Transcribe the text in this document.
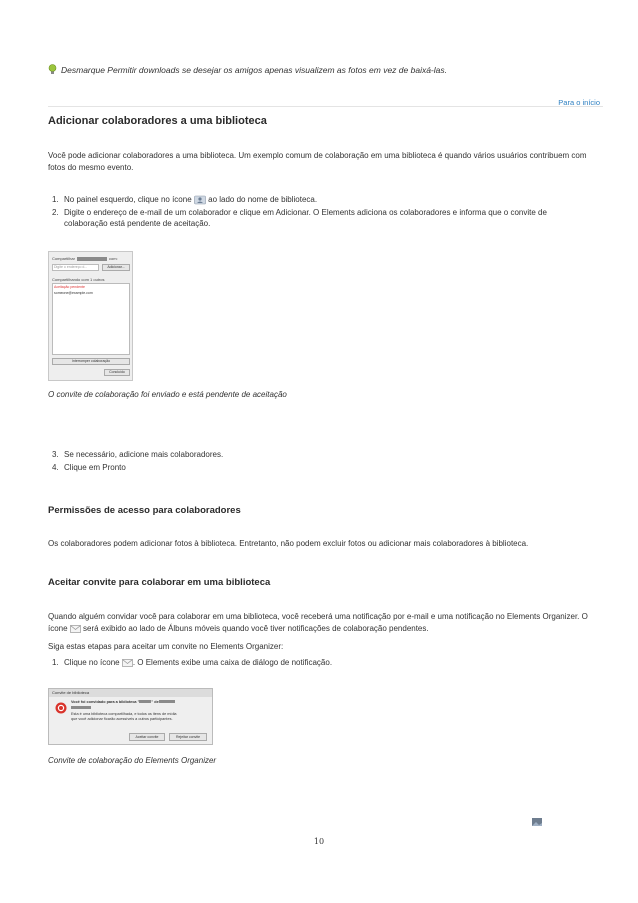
Desmarque Permitir downloads se desejar os amigos apenas visualizem as fotos em vez de baixá-las.
Para o início
Adicionar colaboradores a uma biblioteca

Você pode adicionar colaboradores a uma biblioteca. Um exemplo comum de colaboração em uma biblioteca é quando vários usuários contribuem com fotos do mesmo evento.

1. No painel esquerdo, clique no ícone ao lado do nome de biblioteca.
2. Digite o endereço de e-mail de um colaborador e clique em Adicionar. O Elements adiciona os colaboradores e informa que o convite de colaboração está pendente de aceitação.
Compartilhar	com:
Digite o endereço d...	Adicionar...
Compartilhando com 1 outros
Aceitação pendente
someone@example.com
Interromper colaboração
Concluído
O convite de colaboração foi enviado e está pendente de aceitação
3. Se necessário, adicione mais colaboradores.
4. Clique em Pronto
Permissões de acesso para colaboradores

Os colaboradores podem adicionar fotos à biblioteca. Entretanto, não podem excluir fotos ou adicionar mais colaboradores à biblioteca.

Aceitar convite para colaborar em uma biblioteca

Quando alguém convidar você para colaborar em uma biblioteca, você receberá uma notificação por e-mail e uma notificação no Elements Organizer. O ícone será exibido ao lado de Álbuns móveis quando você tiver notificações de colaboração pendentes.

Siga estas etapas para aceitar um convite no Elements Organizer:

1. Clique no ícone . O Elements exibe uma caixa de diálogo de notificação.
Convite de biblioteca
Você foi convidado para a biblioteca "	" de
Esta é uma biblioteca compartilhada, e todos os itens de mídia
que você adicionar ficarão acessíveis a outros participantes.
Aceitar convite	Rejeitar convite
Convite de colaboração do Elements Organizer
10
